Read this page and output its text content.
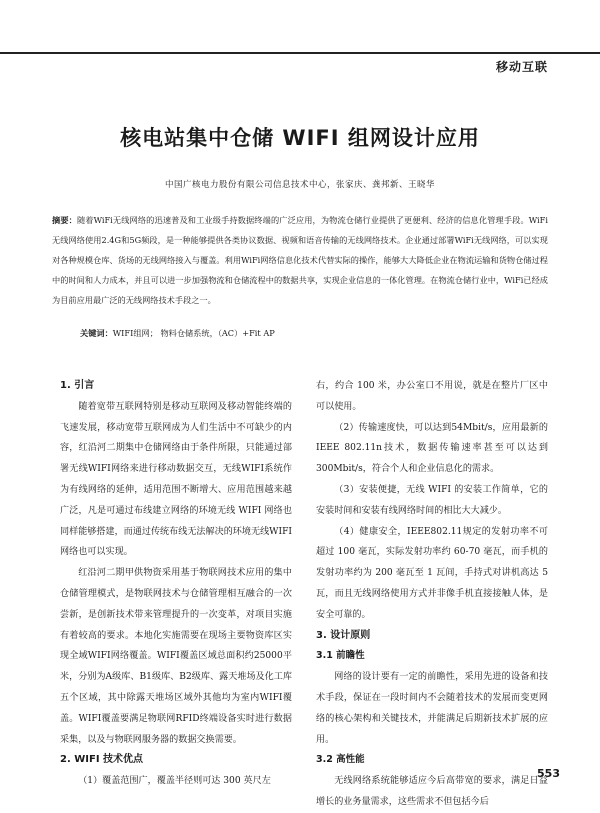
移动互联
核电站集中仓储 WIFI 组网设计应用
中国广核电力股份有限公司信息技术中心，张家庆、龚邦新、王晓华
摘要：随着WiFi无线网络的迅速普及和工业级手持数据终端的广泛应用，为物流仓储行业提供了更便利、经济的信息化管理手段。WiFi无线网络使用2.4G和5G频段，是一种能够提供各类协议数据、视频和语音传输的无线网络技术。企业通过部署WiFi无线网络，可以实现对各种规模仓库、货场的无线网络接入与覆盖。利用WiFi网络信息化技术代替实际的操作，能够大大降低企业在物流运输和货物仓储过程中的时间和人力成本，并且可以进一步加强物流和仓储流程中的数据共享，实现企业信息的一体化管理。在物流仓储行业中，WiFi已经成为目前应用最广泛的无线网络技术手段之一。
关键词：WIFI组网； 物料仓储系统，（AC）+Fit AP
1. 引言

随着宽带互联网特别是移动互联网及移动智能终端的飞速发展，移动宽带互联网成为人们生活中不可缺少的内容，红沿河二期集中仓储网络由于条件所限，只能通过部署无线WIFI网络来进行移动数据交互，无线WIFI系统作为有线网络的延伸，适用范围不断增大、应用范围越来越广泛，凡是可通过布线建立网络的环境无线 WIFI 网络也同样能够搭建，而通过传统布线无法解决的环境无线WIFI网络也可以实现。

红沿河二期甲供物资采用基于物联网技术应用的集中仓储管理模式，是物联网技术与仓储管理相互融合的一次尝新，是创新技术带来管理提升的一次变革，对项目实施有着较高的要求。本地化实施需要在现场主要物资库区实现全域WIFI网络覆盖。WIFI覆盖区域总面积约25000平米，分别为A级库、B1级库、B2级库、露天堆场及化工库五个区域，其中除露天堆场区域外其他均为室内WIFI覆盖。WIFI覆盖要满足物联网RFID终端设备实时进行数据采集，以及与物联网服务器的数据交换需要。

2. WIFI 技术优点

（1）覆盖范围广，覆盖半径则可达 300 英尺左

右，约合 100 米，办公室口不用说，就是在整片厂区中可以使用。

（2）传输速度快，可以达到54Mbit/s，应用最新的IEEE 802.11n技术，数据传输速率甚至可以达到300Mbit/s，符合个人和企业信息化的需求。

（3）安装便捷，无线 WIFI 的安装工作简单，它的安装时间和安装有线网络时间的相比大大减少。

（4）健康安全，IEEE802.11规定的发射功率不可超过 100 毫瓦，实际发射功率约 60-70 毫瓦，而手机的发射功率约为 200 毫瓦至 1 瓦间，手持式对讲机高达 5 瓦，而且无线网络使用方式并非像手机直接接触人体，是安全可靠的。

3. 设计原则
3.1 前瞻性

网络的设计要有一定的前瞻性，采用先进的设备和技术手段，保证在一段时间内不会随着技术的发展而变更网络的核心架构和关键技术，并能满足后期新技术扩展的应用。

3.2 高性能

无线网络系统能够适应今后高带宽的要求，满足日益增长的业务量需求，这些需求不但包括今后

553
